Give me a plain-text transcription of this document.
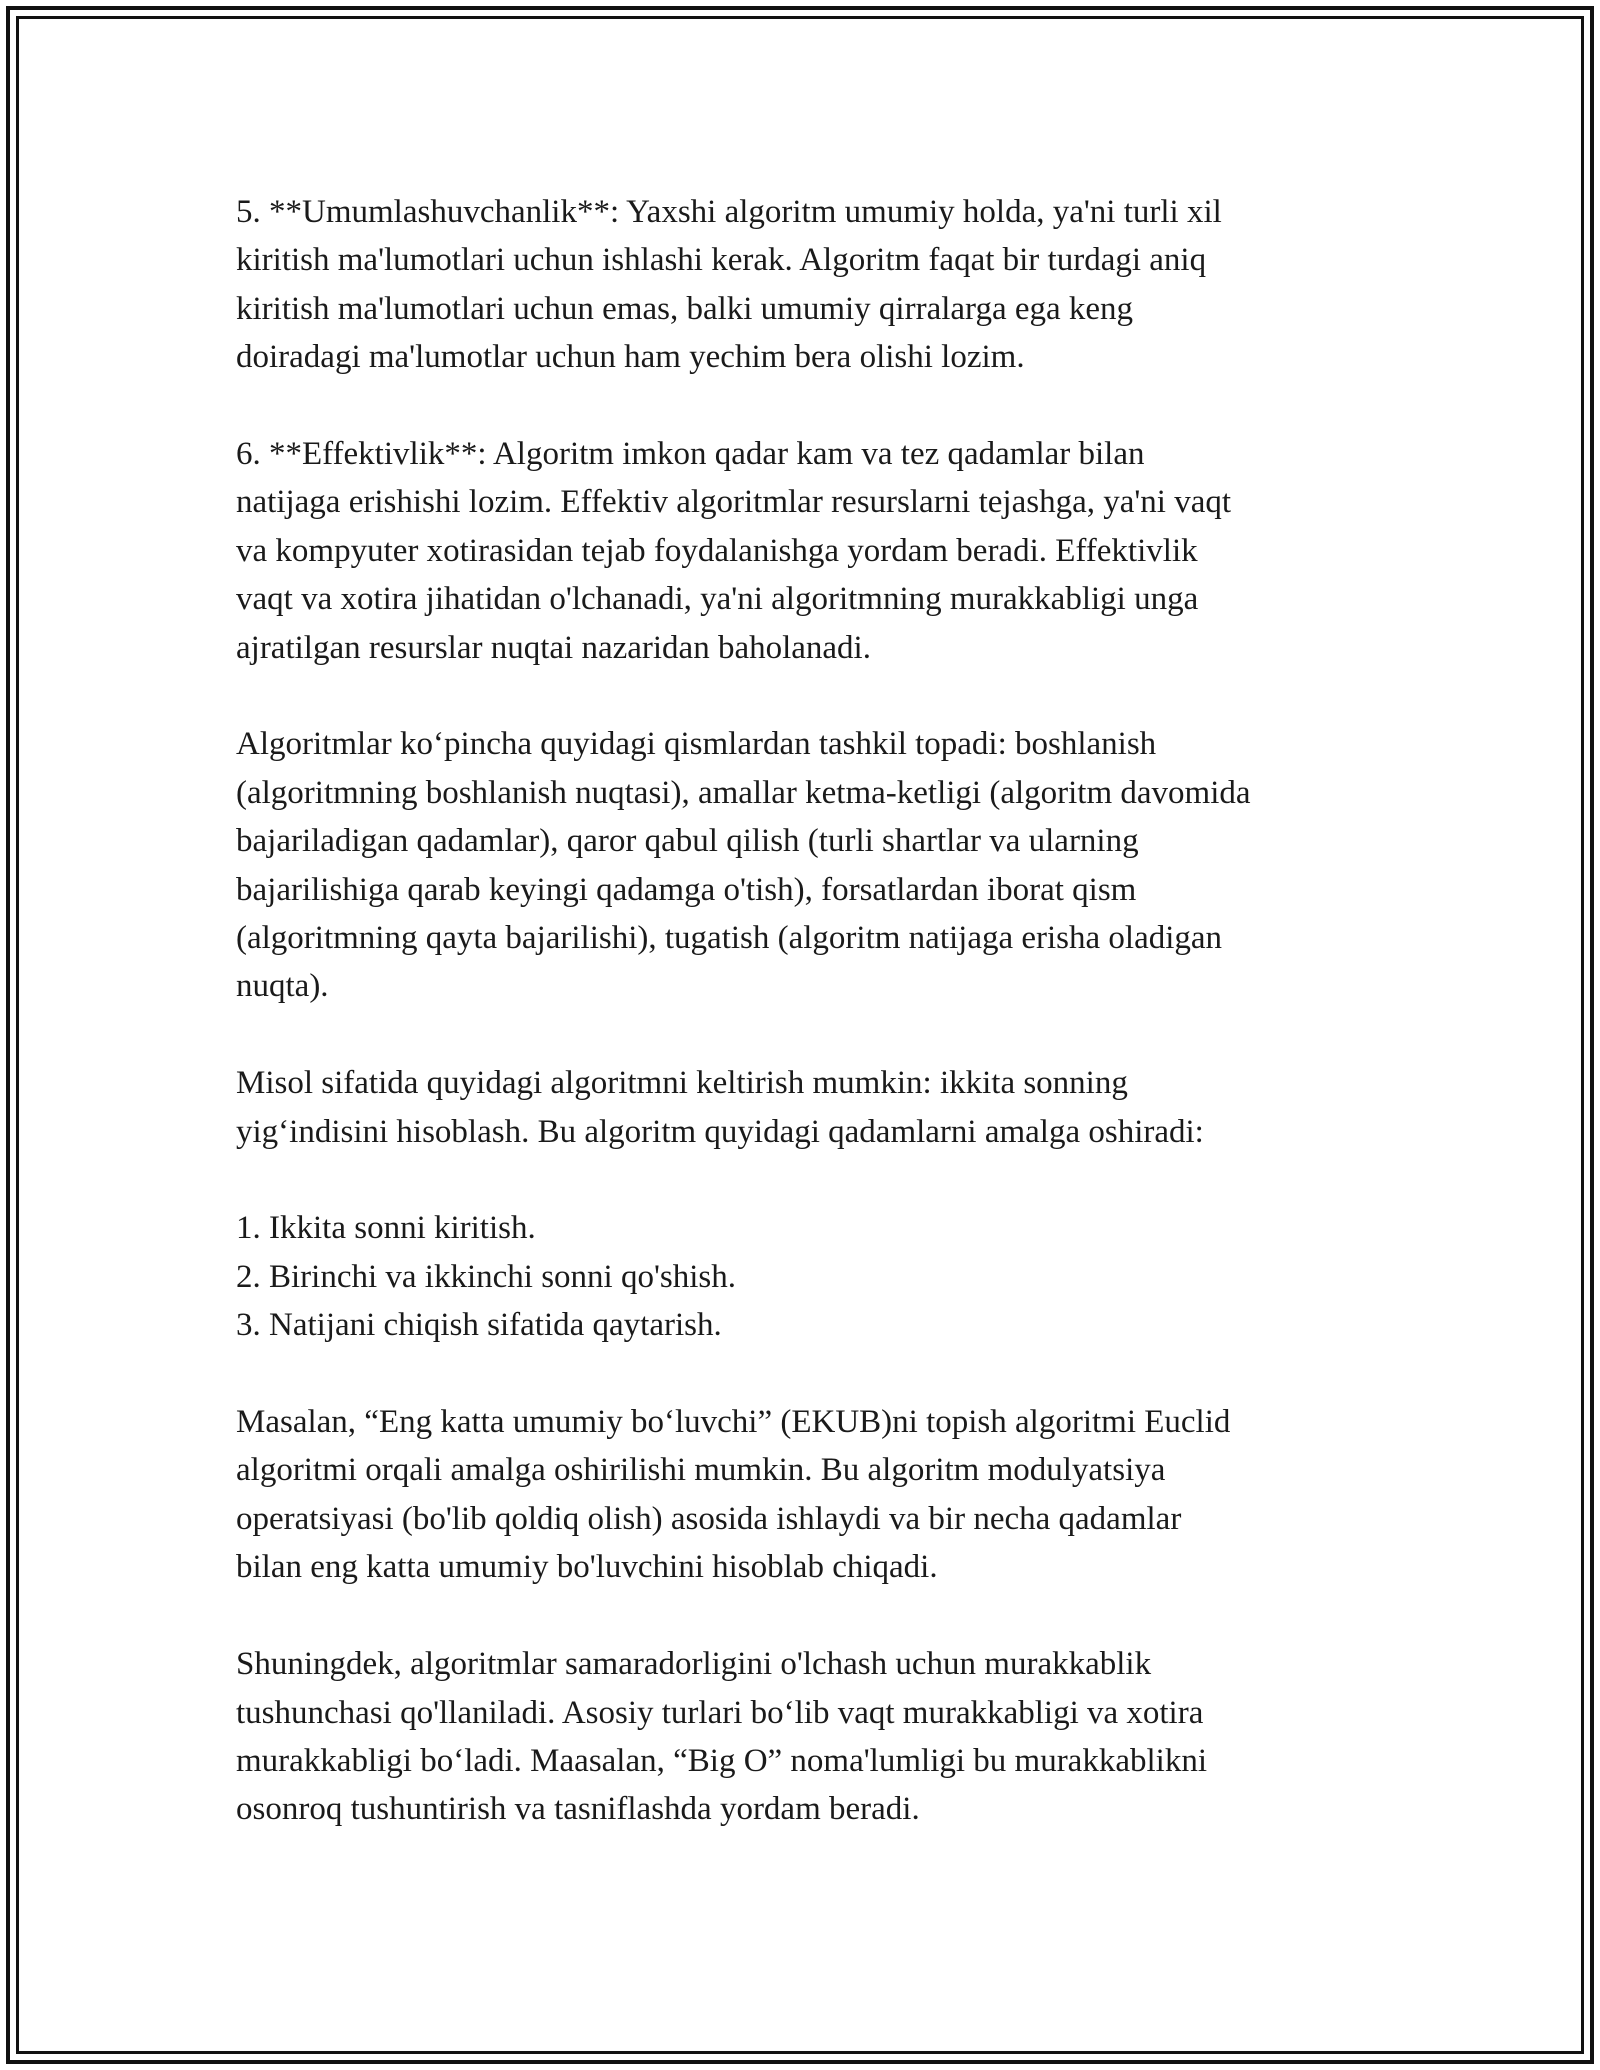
5. **Umumlashuvchanlik**: Yaxshi algoritm umumiy holda, ya'ni turli xil
kiritish ma'lumotlari uchun ishlashi kerak. Algoritm faqat bir turdagi aniq
kiritish ma'lumotlari uchun emas, balki umumiy qirralarga ega keng
doiradagi ma'lumotlar uchun ham yechim bera olishi lozim.

6. **Effektivlik**: Algoritm imkon qadar kam va tez qadamlar bilan
natijaga erishishi lozim. Effektiv algoritmlar resurslarni tejashga, ya'ni vaqt
va kompyuter xotirasidan tejab foydalanishga yordam beradi. Effektivlik
vaqt va xotira jihatidan o'lchanadi, ya'ni algoritmning murakkabligi unga
ajratilgan resurslar nuqtai nazaridan baholanadi.

Algoritmlar ko‘pincha quyidagi qismlardan tashkil topadi: boshlanish
(algoritmning boshlanish nuqtasi), amallar ketma-ketligi (algoritm davomida
bajariladigan qadamlar), qaror qabul qilish (turli shartlar va ularning
bajarilishiga qarab keyingi qadamga o'tish), forsatlardan iborat qism
(algoritmning qayta bajarilishi), tugatish (algoritm natijaga erisha oladigan
nuqta).

Misol sifatida quyidagi algoritmni keltirish mumkin: ikkita sonning
yig‘indisini hisoblash. Bu algoritm quyidagi qadamlarni amalga oshiradi:

1. Ikkita sonni kiritish.
2. Birinchi va ikkinchi sonni qo'shish.
3. Natijani chiqish sifatida qaytarish.

Masalan, “Eng katta umumiy bo‘luvchi” (EKUB)ni topish algoritmi Euclid
algoritmi orqali amalga oshirilishi mumkin. Bu algoritm modulyatsiya
operatsiyasi (bo'lib qoldiq olish) asosida ishlaydi va bir necha qadamlar
bilan eng katta umumiy bo'luvchini hisoblab chiqadi.

Shuningdek, algoritmlar samaradorligini o'lchash uchun murakkablik
tushunchasi qo'llaniladi. Asosiy turlari bo‘lib vaqt murakkabligi va xotira
murakkabligi bo‘ladi. Maasalan, “Big O” noma'lumligi bu murakkablikni
osonroq tushuntirish va tasniflashda yordam beradi.
